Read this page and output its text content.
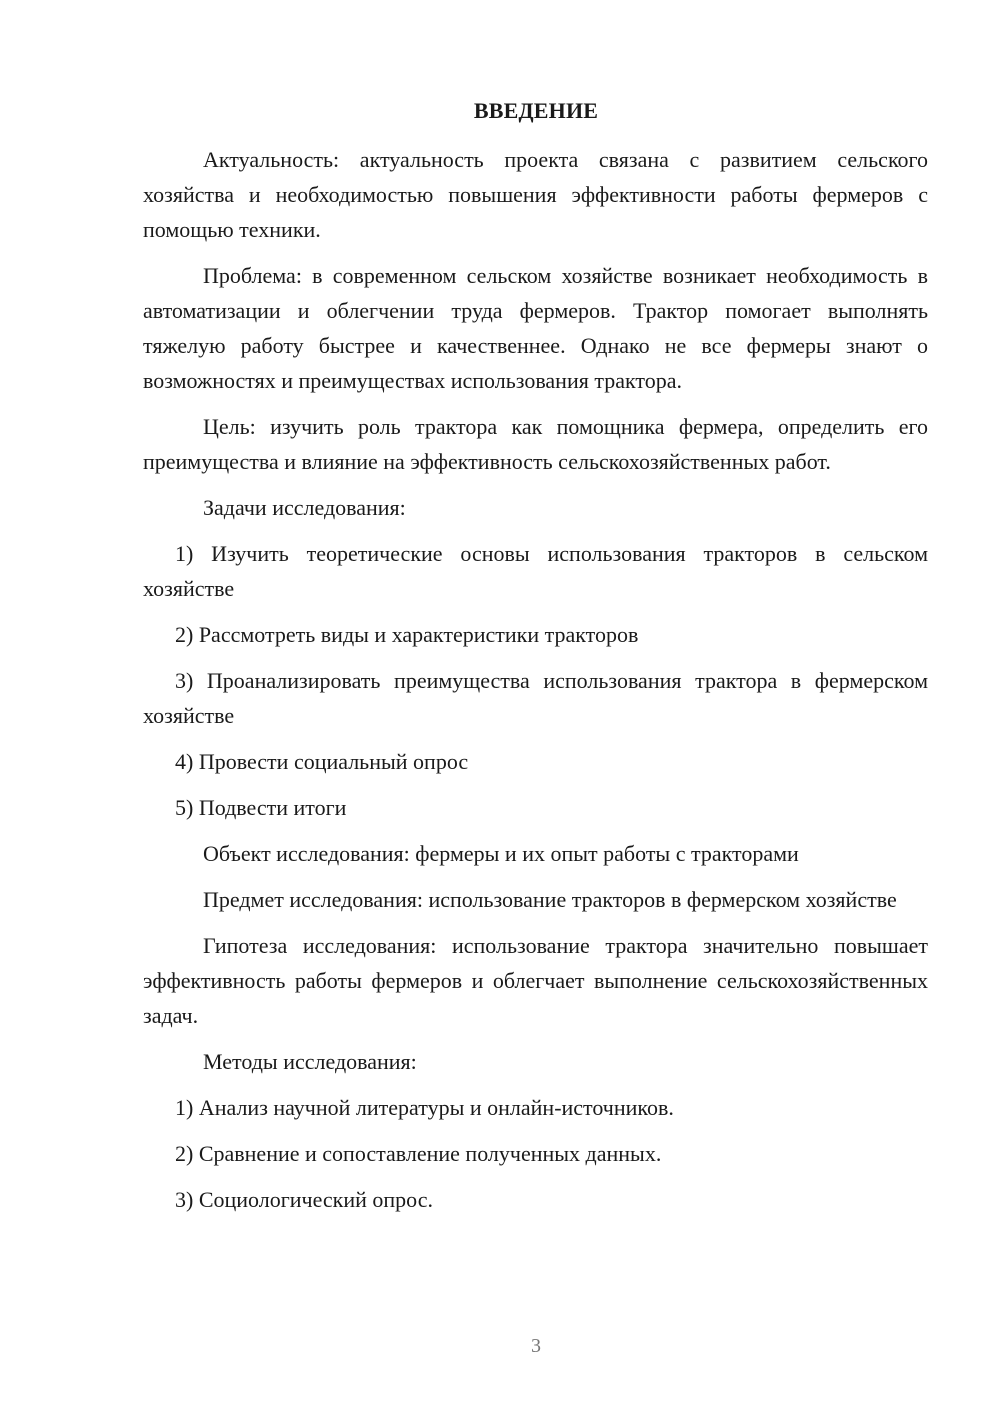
ВВЕДЕНИЕ

Актуальность: актуальность проекта связана с развитием сельского хозяйства и необходимостью повышения эффективности работы фермеров с помощью техники.

Проблема: в современном сельском хозяйстве возникает необходимость в автоматизации и облегчении труда фермеров. Трактор помогает выполнять тяжелую работу быстрее и качественнее. Однако не все фермеры знают о возможностях и преимуществах использования трактора.

Цель: изучить роль трактора как помощника фермера, определить его преимущества и влияние на эффективность сельскохозяйственных работ.

Задачи исследования:

1) Изучить теоретические основы использования тракторов в сельском хозяйстве

2) Рассмотреть виды и характеристики тракторов

3) Проанализировать преимущества использования трактора в фермерском хозяйстве

4) Провести социальный опрос

5) Подвести итоги

Объект исследования: фермеры и их опыт работы с тракторами

Предмет исследования: использование тракторов в фермерском хозяйстве

Гипотеза исследования: использование трактора значительно повышает эффективность работы фермеров и облегчает выполнение сельскохозяйственных задач.

Методы исследования:

1) Анализ научной литературы и онлайн-источников.

2) Сравнение и сопоставление полученных данных.

3) Социологический опрос.

3
